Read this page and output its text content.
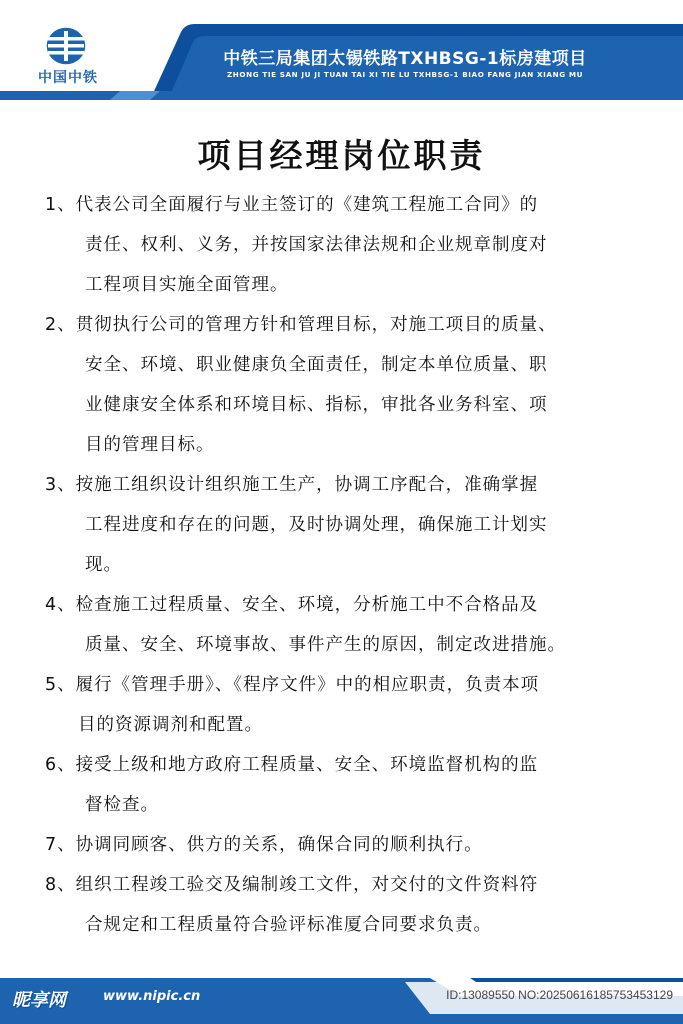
中国中铁
中铁三局集团太锡铁路TXHBSG-1标房建项目
ZHONG TIE SAN JU JI TUAN TAI XI TIE LU TXHBSG-1 BIAO FANG JIAN XIANG MU
项目经理岗位职责
1、代表公司全面履行与业主签订的《建筑工程施工合同》的
责任、权利、义务，并按国家法律法规和企业规章制度对
工程项目实施全面管理。
2、贯彻执行公司的管理方针和管理目标，对施工项目的质量、
安全、环境、职业健康负全面责任，制定本单位质量、职
业健康安全体系和环境目标、指标，审批各业务科室、项
目的管理目标。
3、按施工组织设计组织施工生产，协调工序配合，准确掌握
工程进度和存在的问题，及时协调处理，确保施工计划实
现。
4、检查施工过程质量、安全、环境，分析施工中不合格品及
质量、安全、环境事故、事件产生的原因，制定改进措施。
5、履行《管理手册》、《程序文件》中的相应职责，负责本项
目的资源调剂和配置。
6、接受上级和地方政府工程质量、安全、环境监督机构的监
督检查。
7、协调同顾客、供方的关系，确保合同的顺利执行。
8、组织工程竣工验交及编制竣工文件，对交付的文件资料符
合规定和工程质量符合验评标准厦合同要求负责。
昵享网	www.nipic.cn	ID:13089550 NO:20250616185753453129
